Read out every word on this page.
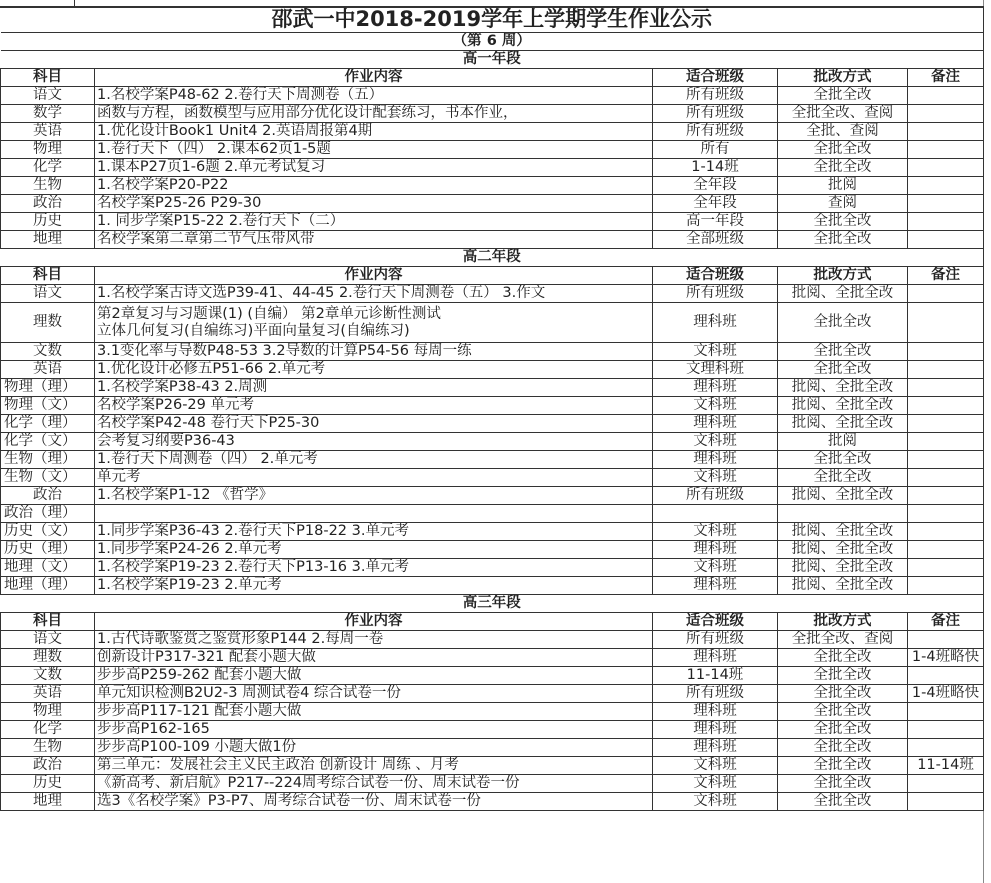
邵武一中2018-2019学年上学期学生作业公示				
（第 6 周）				
高一年段				
科目	作业内容	适合班级	批改方式	备注
语文	1.名校学案P48-62 2.卷行天下周测卷（五）	所有班级	全批全改	
数学	函数与方程，函数模型与应用部分优化设计配套练习，书本作业，	所有班级	全批全改、查阅	
英语	1.优化设计Book1 Unit4 2.英语周报第4期	所有班级	全批、查阅	
物理	1.卷行天下（四） 2.课本62页1-5题	所有	全批全改	
化学	1.课本P27页1-6题 2.单元考试复习	1-14班	全批全改	
生物	1.名校学案P20-P22	全年段	批阅	
政治	名校学案P25-26 P29-30	全年段	查阅	
历史	1. 同步学案P15-22 2.卷行天下（二）	高一年段	全批全改	
地理	名校学案第二章第二节气压带风带	全部班级	全批全改	
高二年段				
科目	作业内容	适合班级	批改方式	备注
语文	1.名校学案古诗文选P39-41、44-45 2.卷行天下周测卷（五） 3.作文	所有班级	批阅、全批全改	
理数	第2章复习与习题课(1) (自编） 第2章单元诊断性测试
立体几何复习(自编练习)平面向量复习(自编练习)	理科班	全批全改	
文数	3.1变化率与导数P48-53 3.2导数的计算P54-56 每周一练	文科班	全批全改	
英语	1.优化设计必修五P51-66 2.单元考	文理科班	全批全改	
物理（理）	1.名校学案P38-43 2.周测	理科班	批阅、全批全改	
物理（文）	名校学案P26-29 单元考	文科班	批阅、全批全改	
化学（理）	名校学案P42-48 卷行天下P25-30	理科班	批阅、全批全改	
化学（文）	会考复习纲要P36-43	文科班	批阅	
生物（理）	1.卷行天下周测卷（四） 2.单元考	理科班	全批全改	
生物（文）	单元考	文科班	全批全改	
政治	1.名校学案P1-12 《哲学》	所有班级	批阅、全批全改	
政治（理）				
历史（文）	1.同步学案P36-43 2.卷行天下P18-22 3.单元考	文科班	批阅、全批全改	
历史（理）	1.同步学案P24-26 2.单元考	理科班	批阅、全批全改	
地理（文）	1.名校学案P19-23 2.卷行天下P13-16 3.单元考	文科班	批阅、全批全改	
地理（理）	1.名校学案P19-23 2.单元考	理科班	批阅、全批全改	
高三年段				
科目	作业内容	适合班级	批改方式	备注
语文	1.古代诗歌鉴赏之鉴赏形象P144 2.每周一卷	所有班级	全批全改、查阅	
理数	创新设计P317-321 配套小题大做	理科班	全批全改	1-4班略快
文数	步步高P259-262 配套小题大做	11-14班	全批全改	
英语	单元知识检测B2U2-3 周测试卷4 综合试卷一份	所有班级	全批全改	1-4班略快
物理	步步高P117-121 配套小题大做	理科班	全批全改	
化学	步步高P162-165	理科班	全批全改	
生物	步步高P100-109 小题大做1份	理科班	全批全改	
政治	第三单元：发展社会主义民主政治 创新设计 周练 、月考	文科班	全批全改	11-14班
历史	《新高考、新启航》P217--224周考综合试卷一份、周末试卷一份	文科班	全批全改	
地理	选3《名校学案》P3-P7、周考综合试卷一份、周末试卷一份	文科班	全批全改	
